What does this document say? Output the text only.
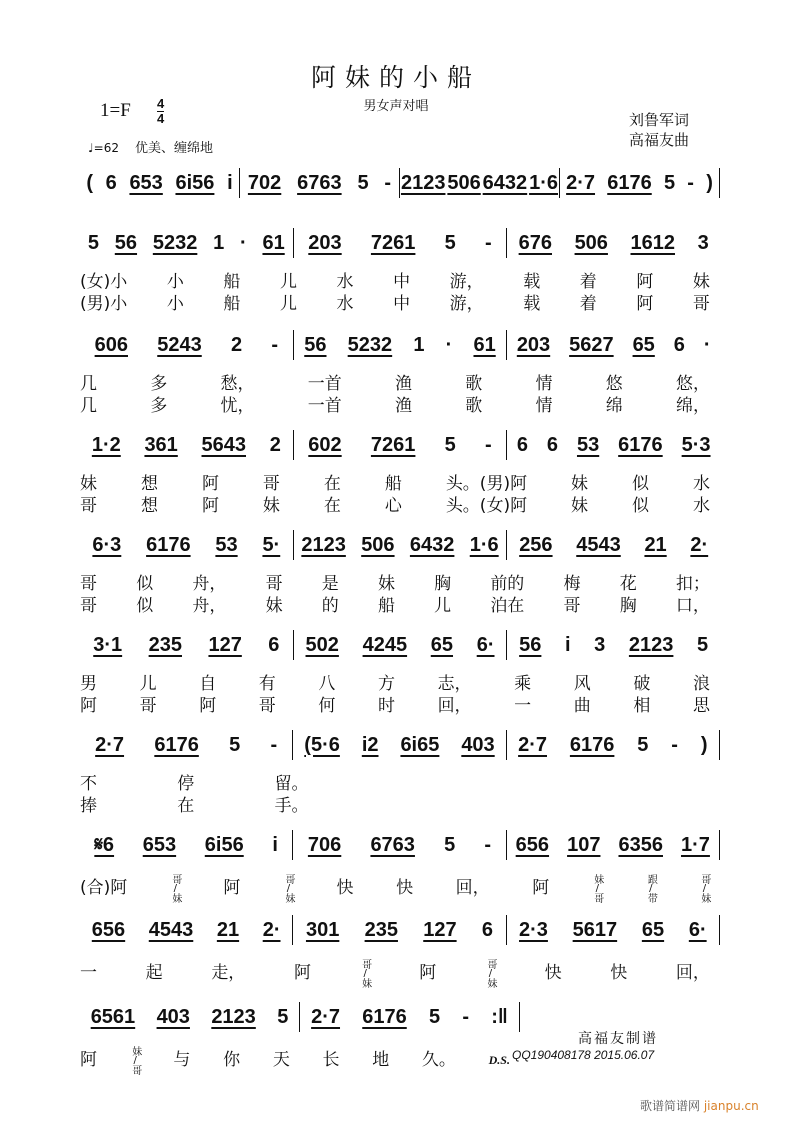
阿妹的小船
男女声对唱
1=F 4
4
♩=62 优美、缠绵地
刘鲁军词
高福友曲
( 6 653 6i56 i 702 6763 5 - 2123 506 6432 1·6 2·7 6176 5 - )
5 56 5232 1 · 61 203 7261 5 - 676 506 1612 3
(女)小 小 船 儿 水 中 游， 载 着 阿 妹
(男)小 小 船 儿 水 中 游， 载 着 阿 哥
606 5243 2 - 56 5232 1 · 61 203 5627 65 6 ·
几	多	愁，	一首	渔	歌	情	悠	悠，
几	多	忧，	一首	渔	歌	情	绵	绵，
1·2 361 5643 2 602 7261 5 - 6 6 53 6176 5·3
妹	想	阿	哥	在	船	头。(男)阿	妹	似	水
哥	想	阿	妹	在	心	头。(女)阿	妹	似	水
6·3 6176 53 5· 2123 506 6432 1·6 256 4543 21 2·
哥 似 舟， 哥 是 妹 胸 前的 梅 花 扣；
哥 似 舟， 妹 的 船 儿 泊在 哥 胸 口，
3·1 235 127 6 502 4245 65 6· 56 i 3 2123 5
男	儿	自	有	八	方	志，	乘	风	破	浪
阿	哥	阿	哥	何	时	回，	一	曲	相	思
2·7 6176 5 - (5·6 i2 6i65 403 2·7 6176 5 - )
不	停	留。
捧	在	手。
𝄋6 653 6i56 i 706 6763 5 - 656 107 6356 1·7
(合)阿	哥/妹	阿	哥/妹	快	快	回，	阿	妹/哥	跟/带	哥/妹
656 4543 21 2· 301 235 127 6 2·3 5617 65 6·
一	起	走，	阿	哥/妹	阿	哥/妹	快	快	回，
6561 403 2123 5 2·7 6176 5 - :‖
阿	妹/哥 与 你 天 长 地 久。	D.S.
高福友制谱
QQ190408178 2015.06.07
歌谱简谱网 jianpu.cn
